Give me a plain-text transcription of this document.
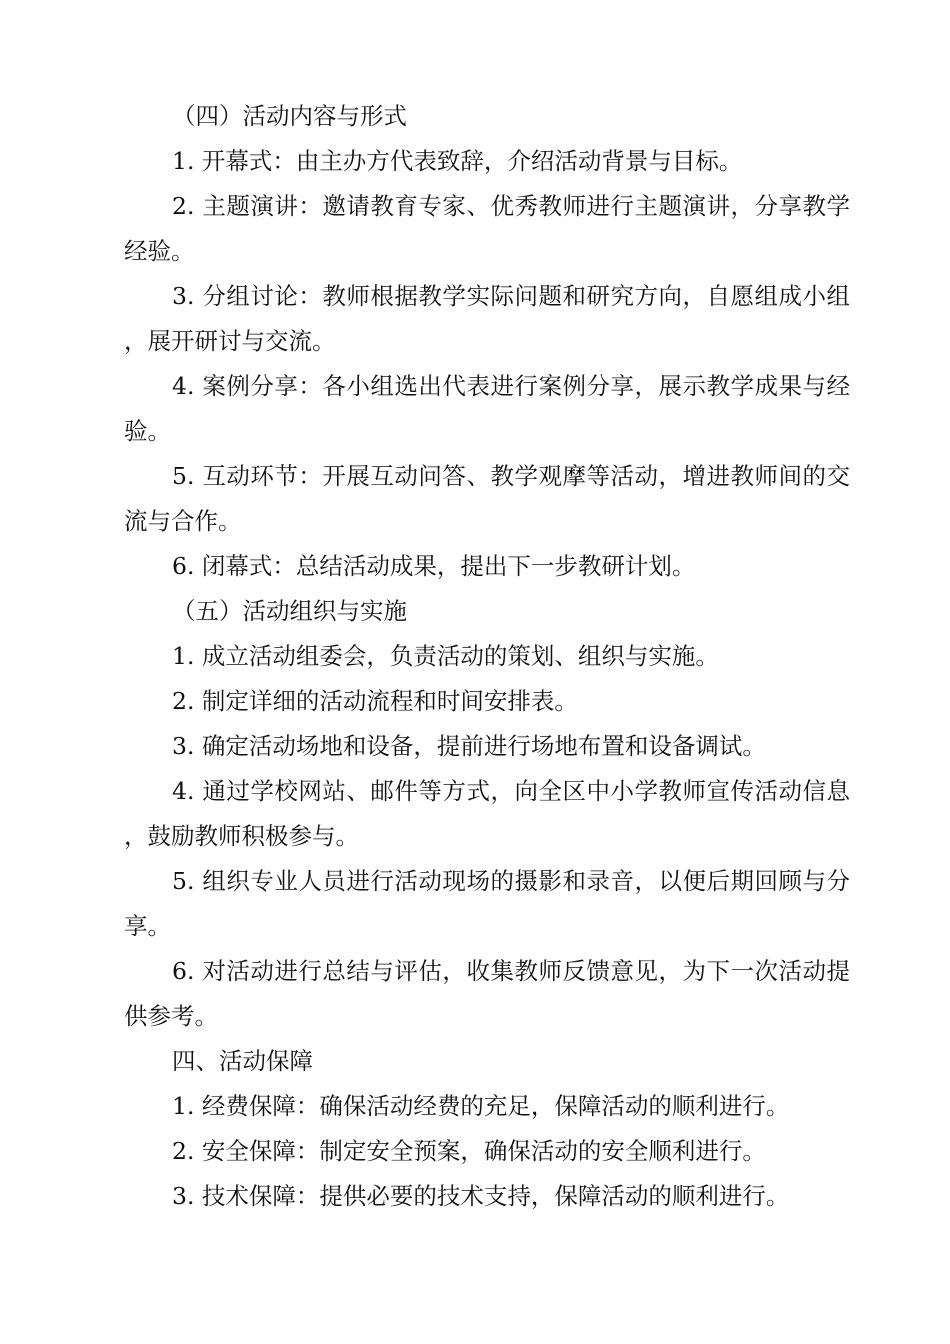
（四）活动内容与形式

1. 开幕式：由主办方代表致辞，介绍活动背景与目标。

2. 主题演讲：邀请教育专家、优秀教师进行主题演讲，分享教学经验。

3. 分组讨论：教师根据教学实际问题和研究方向，自愿组成小组，展开研讨与交流。

4. 案例分享：各小组选出代表进行案例分享，展示教学成果与经验。

5. 互动环节：开展互动问答、教学观摩等活动，增进教师间的交流与合作。

6. 闭幕式：总结活动成果，提出下一步教研计划。

（五）活动组织与实施

1. 成立活动组委会，负责活动的策划、组织与实施。

2. 制定详细的活动流程和时间安排表。

3. 确定活动场地和设备，提前进行场地布置和设备调试。

4. 通过学校网站、邮件等方式，向全区中小学教师宣传活动信息，鼓励教师积极参与。

5. 组织专业人员进行活动现场的摄影和录音，以便后期回顾与分享。

6. 对活动进行总结与评估，收集教师反馈意见，为下一次活动提供参考。

四、活动保障

1. 经费保障：确保活动经费的充足，保障活动的顺利进行。

2. 安全保障：制定安全预案，确保活动的安全顺利进行。

3. 技术保障：提供必要的技术支持，保障活动的顺利进行。
